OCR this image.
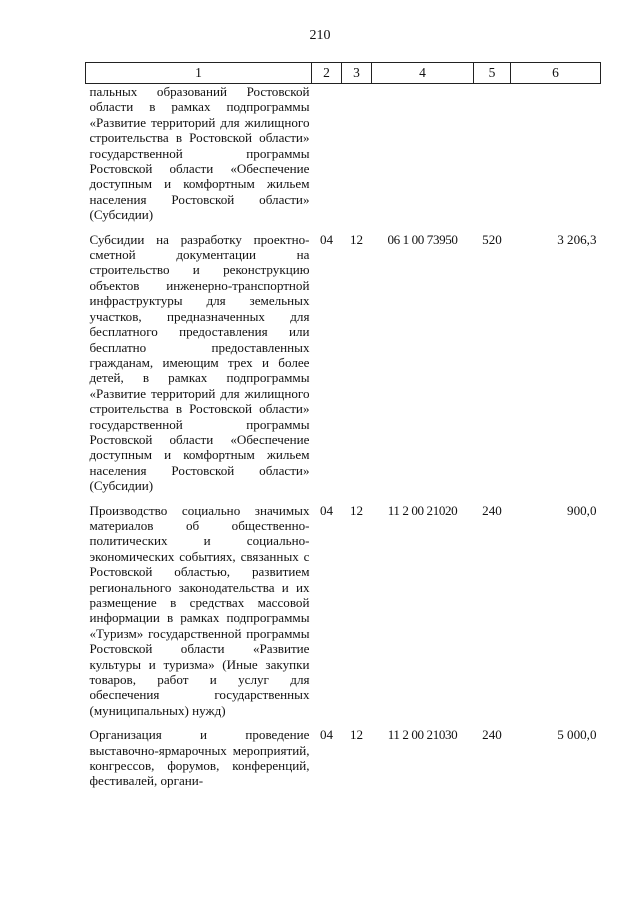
210
1	2	3	4	5	6
пальных образований Ростовской области в рамках подпрограммы «Развитие территорий для жилищного строительства в Ростовской области» государственной программы Ростовской области «Обеспечение доступным и комфортным жильем населения Ростовской области» (Субсидии)					
Субсидии на разработку проектно-сметной документации на строительство и реконструкцию объектов инженерно-транспортной инфраструктуры для земельных участков, предназначенных для бесплатного предоставления или бесплатно предоставленных гражданам, имеющим трех и более детей, в рамках подпрограммы «Развитие территорий для жилищного строительства в Ростовской области» государственной программы Ростовской области «Обеспечение доступным и комфортным жильем населения Ростовской области» (Субсидии)	04	12	06 1 00 73950	520	3 206,3
Производство социально значимых материалов об общественно-политических и социально-экономических событиях, связанных с Ростовской областью, развитием регионального законодательства и их размещение в средствах массовой информации в рамках подпрограммы «Туризм» государственной программы Ростовской области «Развитие культуры и туризма» (Иные закупки товаров, работ и услуг для обеспечения государственных (муниципальных) нужд)	04	12	11 2 00 21020	240	900,0
Организация и проведение выставочно-ярмарочных мероприятий, конгрессов, форумов, конференций, фестивалей, органи-	04	12	11 2 00 21030	240	5 000,0
